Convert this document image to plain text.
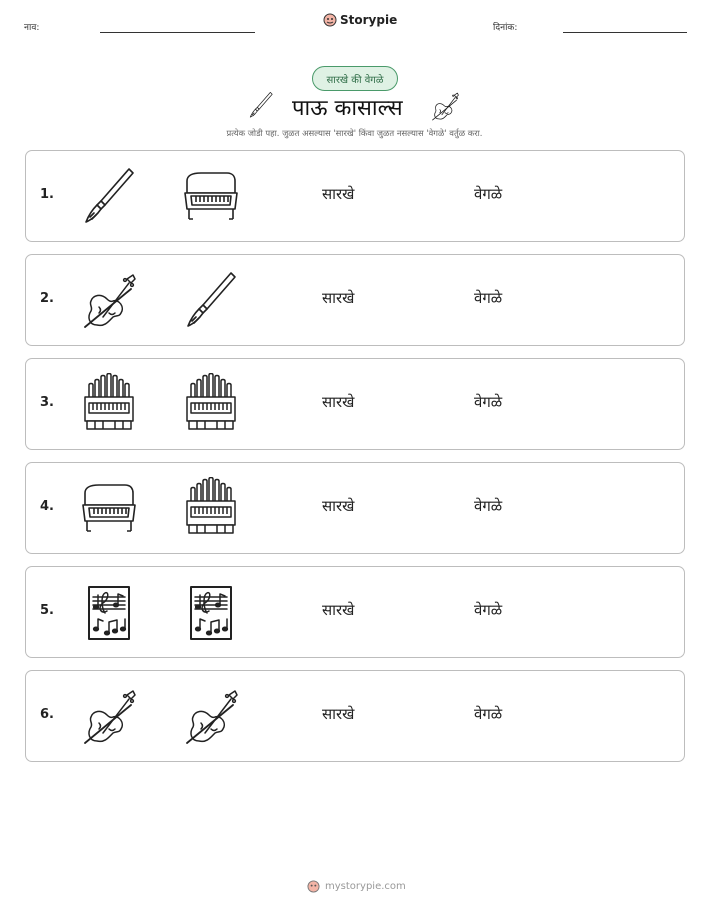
नाव:
Storypie
दिनांक:
सारखे की वेगळे
पाऊ कासाल्स
प्रत्येक जोडी पहा. जुळत असल्यास 'सारखे' किंवा जुळत नसल्यास 'वेगळे' वर्तुळ करा.
1.	सारखे	वेगळे
2.	सारखे	वेगळे
3.	सारखे	वेगळे
4.	सारखे	वेगळे
5.	सारखे	वेगळे
6.	सारखे	वेगळे
mystorypie.com
